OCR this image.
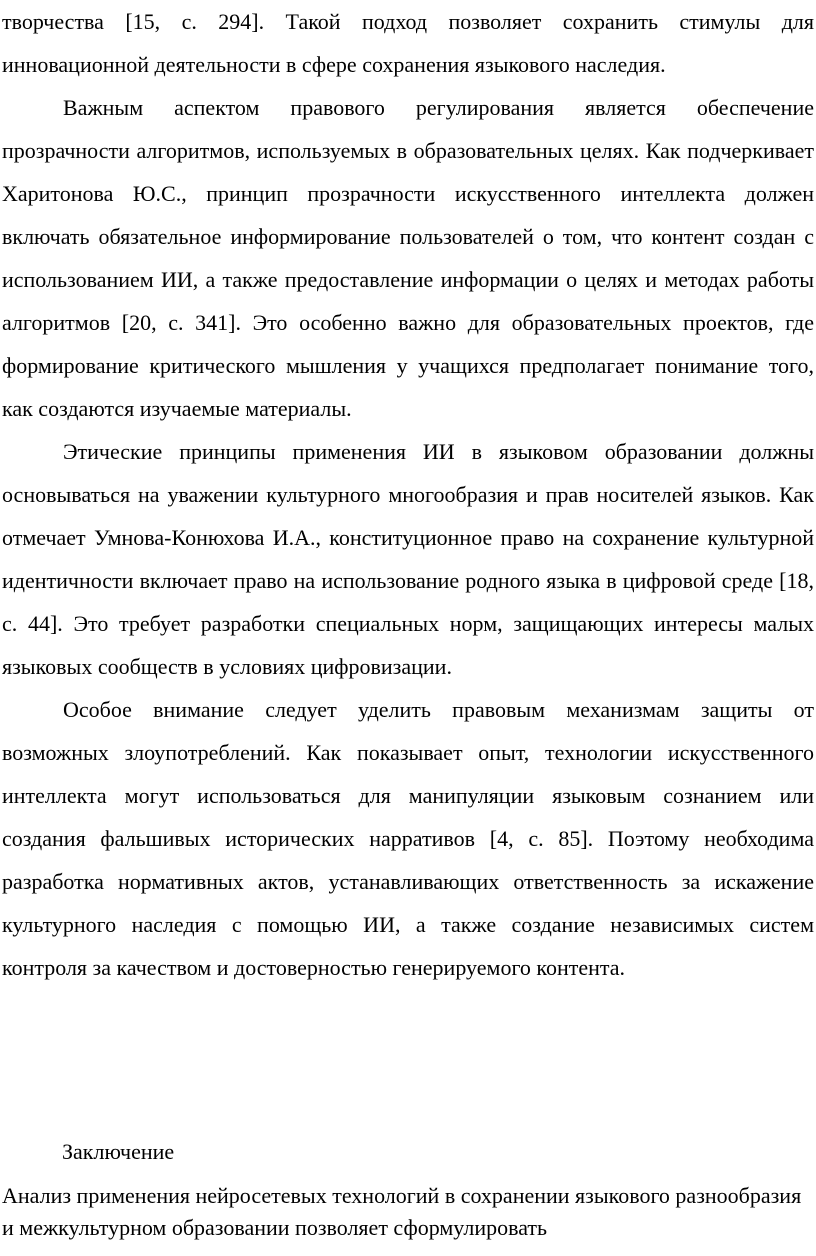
творчества [15, с. 294]. Такой подход позволяет сохранить стимулы для инновационной деятельности в сфере сохранения языкового наследия.

Важным аспектом правового регулирования является обеспечение прозрачности алгоритмов, используемых в образовательных целях. Как подчеркивает Харитонова Ю.С., принцип прозрачности искусственного интеллекта должен включать обязательное информирование пользователей о том, что контент создан с использованием ИИ, а также предоставление информации о целях и методах работы алгоритмов [20, с. 341]. Это особенно важно для образовательных проектов, где формирование критического мышления у учащихся предполагает понимание того, как создаются изучаемые материалы.

Этические принципы применения ИИ в языковом образовании должны основываться на уважении культурного многообразия и прав носителей языков. Как отмечает Умнова-Конюхова И.А., конституционное право на сохранение культурной идентичности включает право на использование родного языка в цифровой среде [18, с. 44]. Это требует разработки специальных норм, защищающих интересы малых языковых сообществ в условиях цифровизации.

Особое внимание следует уделить правовым механизмам защиты от возможных злоупотреблений. Как показывает опыт, технологии искусственного интеллекта могут использоваться для манипуляции языковым сознанием или создания фальшивых исторических нарративов [4, с. 85]. Поэтому необходима разработка нормативных актов, устанавливающих ответственность за искажение культурного наследия с помощью ИИ, а также создание независимых систем контроля за качеством и достоверностью генерируемого контента.

Заключение

Анализ применения нейросетевых технологий в сохранении языкового разнообразия и межкультурном образовании позволяет сформулировать
